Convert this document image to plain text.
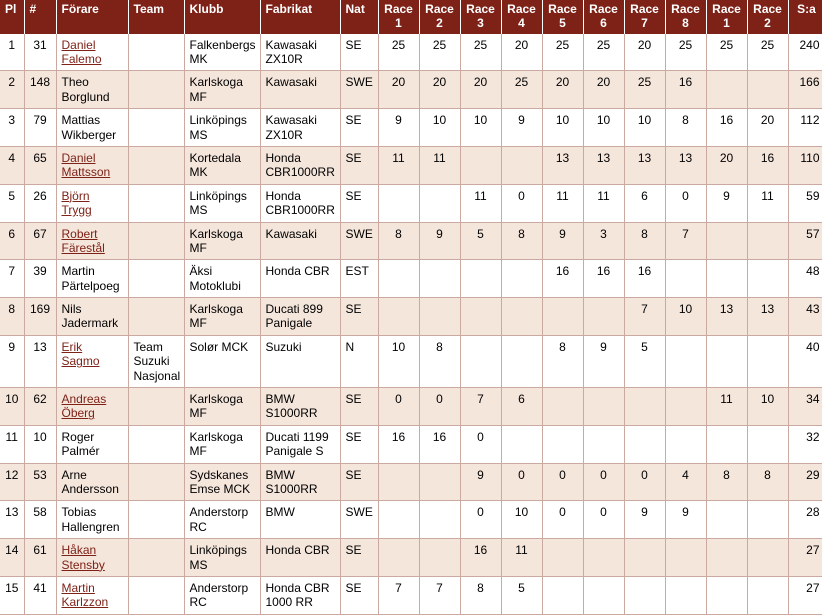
Pl	#	Förare	Team	Klubb	Fabrikat	Nat	Race 1	Race 2	Race 3	Race 4	Race 5	Race 6	Race 7	Race 8	Race 1	Race 2	S:a
1	31	Daniel Falemo		Falkenbergs MK	Kawasaki ZX10R	SE	25	25	25	20	25	25	20	25	25	25	240
2	148	Theo Borglund		Karlskoga MF	Kawasaki	SWE	20	20	20	25	20	20	25	16			166
3	79	Mattias Wikberger		Linköpings MS	Kawasaki ZX10R	SE	9	10	10	9	10	10	10	8	16	20	112
4	65	Daniel Mattsson		Kortedala MK	Honda CBR1000RR	SE	11	11			13	13	13	13	20	16	110
5	26	Björn Trygg		Linköpings MS	Honda CBR1000RR	SE			11	0	11	11	6	0	9	11	59
6	67	Robert Färestål		Karlskoga MF	Kawasaki	SWE	8	9	5	8	9	3	8	7			57
7	39	Martin Pärtelpoeg		Äksi Motoklubi	Honda CBR	EST					16	16	16				48
8	169	Nils Jadermark		Karlskoga MF	Ducati 899 Panigale	SE							7	10	13	13	43
9	13	Erik Sagmo	Team Suzuki Nasjonal	Solør MCK	Suzuki	N	10	8			8	9	5				40
10	62	Andreas Öberg		Karlskoga MF	BMW S1000RR	SE	0	0	7	6					11	10	34
11	10	Roger Palmér		Karlskoga MF	Ducati 1199 Panigale S	SE	16	16	0								32
12	53	Arne Andersson		Sydskanes Emse MCK	BMW S1000RR	SE			9	0	0	0	0	4	8	8	29
13	58	Tobias Hallengren		Anderstorp RC	BMW	SWE			0	10	0	0	9	9			28
14	61	Håkan Stensby		Linköpings MS	Honda CBR	SE			16	11							27
15	41	Martin Karlzzon		Anderstorp RC	Honda CBR 1000 RR	SE	7	7	8	5							27
